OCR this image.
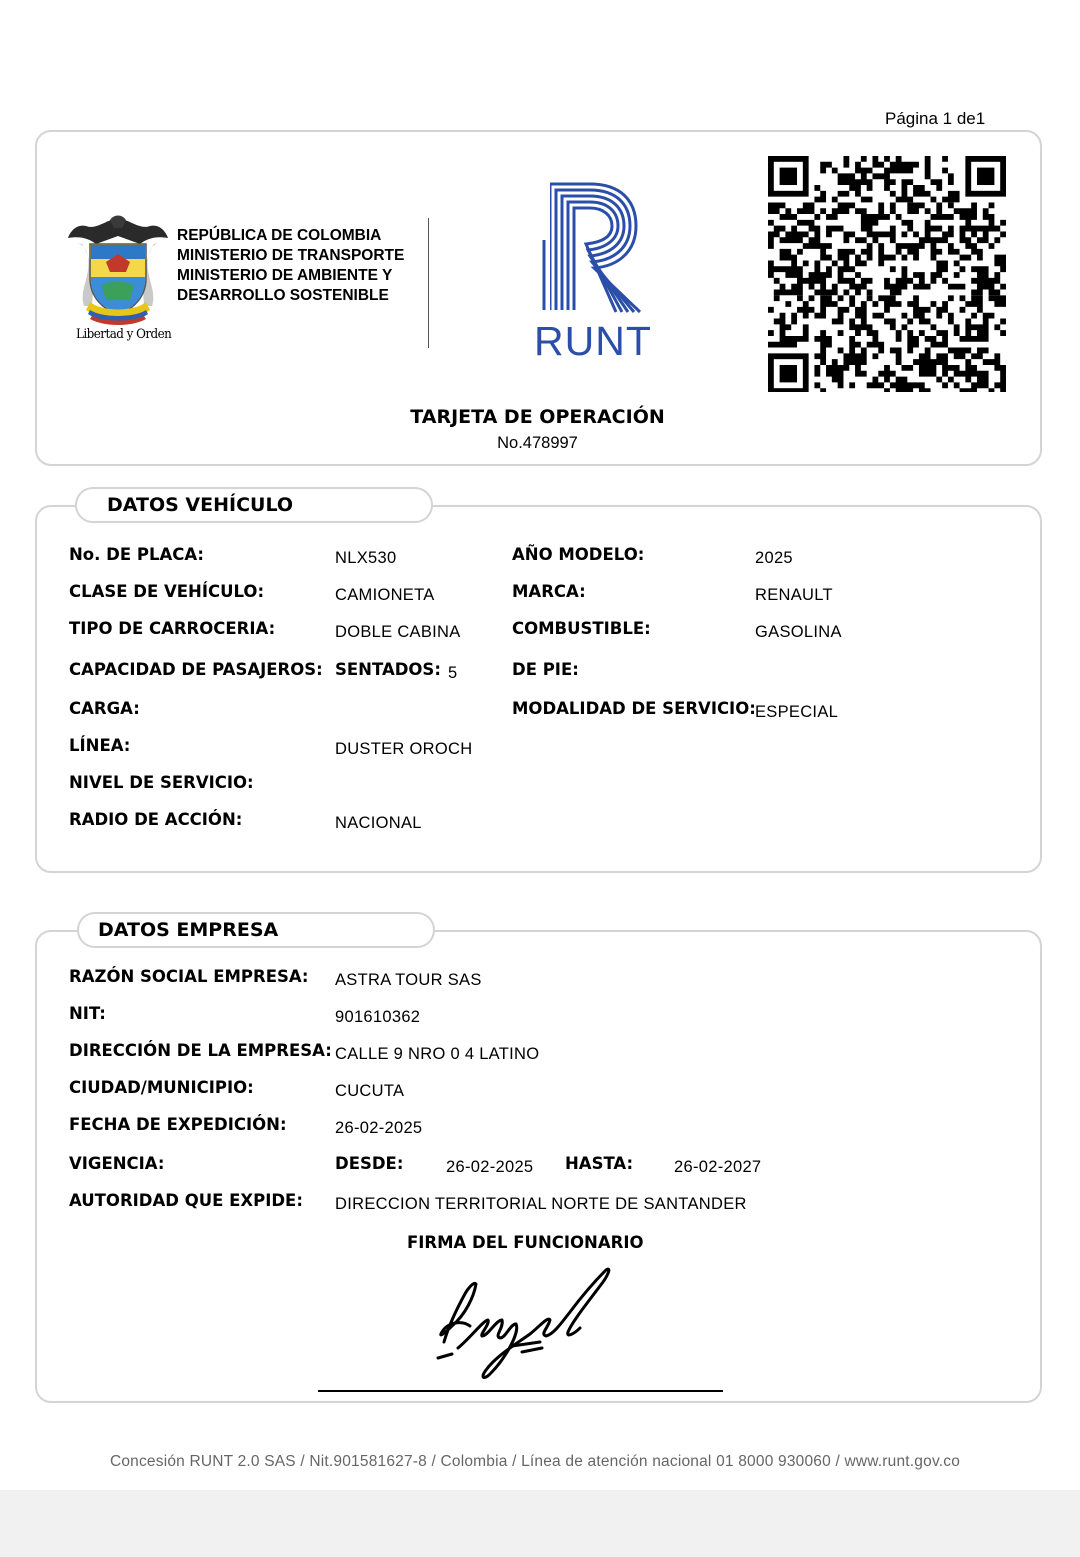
Página 1 de1
Libertad y Orden
REPÚBLICA DE COLOMBIA
MINISTERIO DE TRANSPORTE
MINISTERIO DE AMBIENTE Y
DESARROLLO SOSTENIBLE
RUNT
TARJETA DE OPERACIÓN
No.478997
DATOS VEHÍCULO
No. DE PLACA:	NLX530	AÑO MODELO:	2025
CLASE DE VEHÍCULO:	CAMIONETA	MARCA:	RENAULT
TIPO DE CARROCERIA:	DOBLE CABINA	COMBUSTIBLE:	GASOLINA
CAPACIDAD DE PASAJEROS: SENTADOS: 5	DE PIE:
CARGA:	MODALIDAD DE SERVICIO: ESPECIAL
LÍNEA:	DUSTER OROCH
NIVEL DE SERVICIO:
RADIO DE ACCIÓN:	NACIONAL
DATOS EMPRESA
RAZÓN SOCIAL EMPRESA: ASTRA TOUR SAS
NIT:	901610362
DIRECCIÓN DE LA EMPRESA: CALLE 9 NRO 0 4 LATINO
CIUDAD/MUNICIPIO:	CUCUTA
FECHA DE EXPEDICIÓN:	26-02-2025
VIGENCIA:	DESDE:	26-02-2025 HASTA: 26-02-2027
AUTORIDAD QUE EXPIDE: DIRECCION TERRITORIAL NORTE DE SANTANDER
FIRMA DEL FUNCIONARIO
Concesión RUNT 2.0 SAS / Nit.901581627-8 / Colombia / Línea de atención nacional 01 8000 930060 / www.runt.gov.co
